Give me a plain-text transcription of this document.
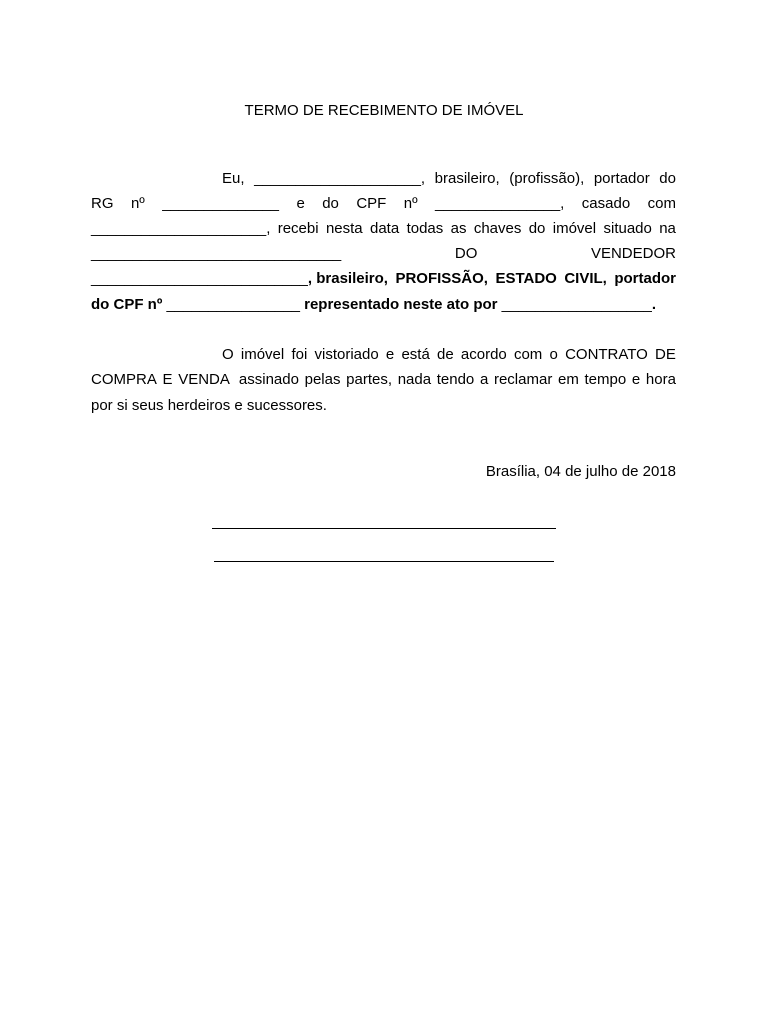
TERMO DE RECEBIMENTO DE IMÓVEL
Eu, ____________________, brasileiro, (profissão), portador do
RG nº ______________ e do CPF nº _______________, casado com
_____________________, recebi nesta data todas as chaves do imóvel situado na
______________________________	DO	VENDEDOR
__________________________, brasileiro, PROFISSÃO, ESTADO CIVIL, portador
do CPF nº ________________ representado neste ato por __________________.
O imóvel foi vistoriado e está de acordo com o CONTRATO DE
COMPRA E VENDA assinado pelas partes, nada tendo a reclamar em tempo e hora
por si seus herdeiros e sucessores.
Brasília, 04 de julho de 2018
